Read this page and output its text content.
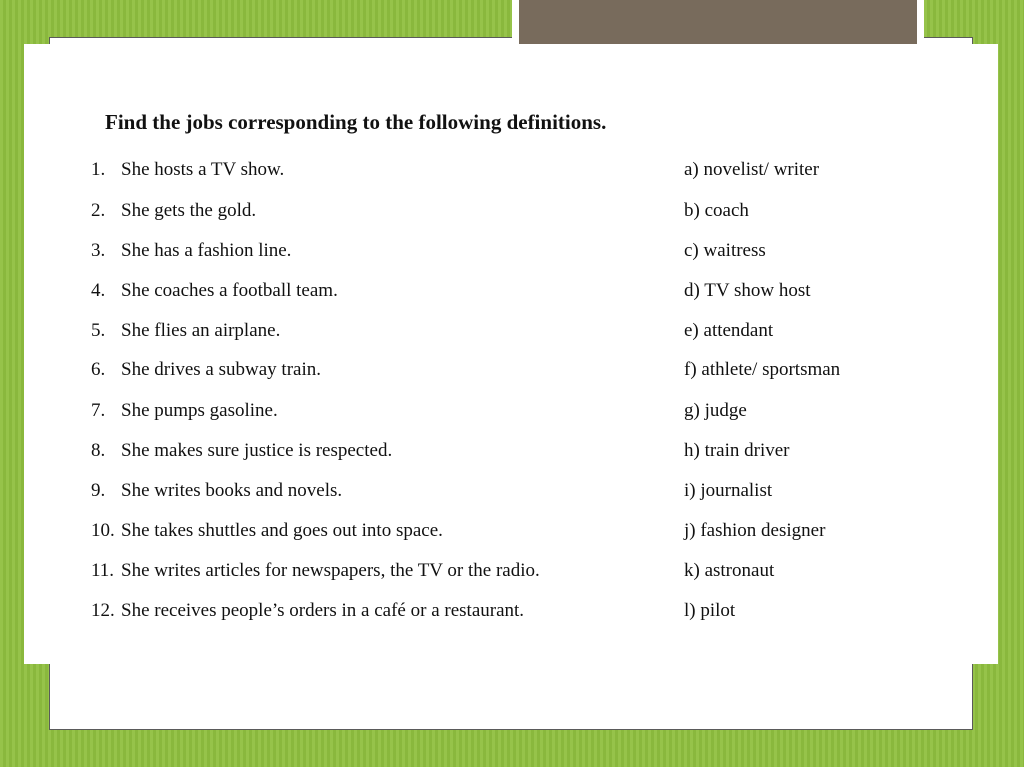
Find the jobs corresponding to the following definitions.
1. She hosts a TV show.	a) novelist/ writer
2. She gets the gold.	b) coach
3. She has a fashion line.	c) waitress
4. She coaches a football team.	d) TV show host
5. She flies an airplane.	e) attendant
6. She drives a subway train.	f) athlete/ sportsman
7. She pumps gasoline.	g) judge
8. She makes sure justice is respected.	h) train driver
9. She writes books and novels.	i) journalist
10. She takes shuttles and goes out into space.	j) fashion designer
11. She writes articles for newspapers, the TV or the radio.	k) astronaut
12. She receives people’s orders in a café or a restaurant.	l) pilot
